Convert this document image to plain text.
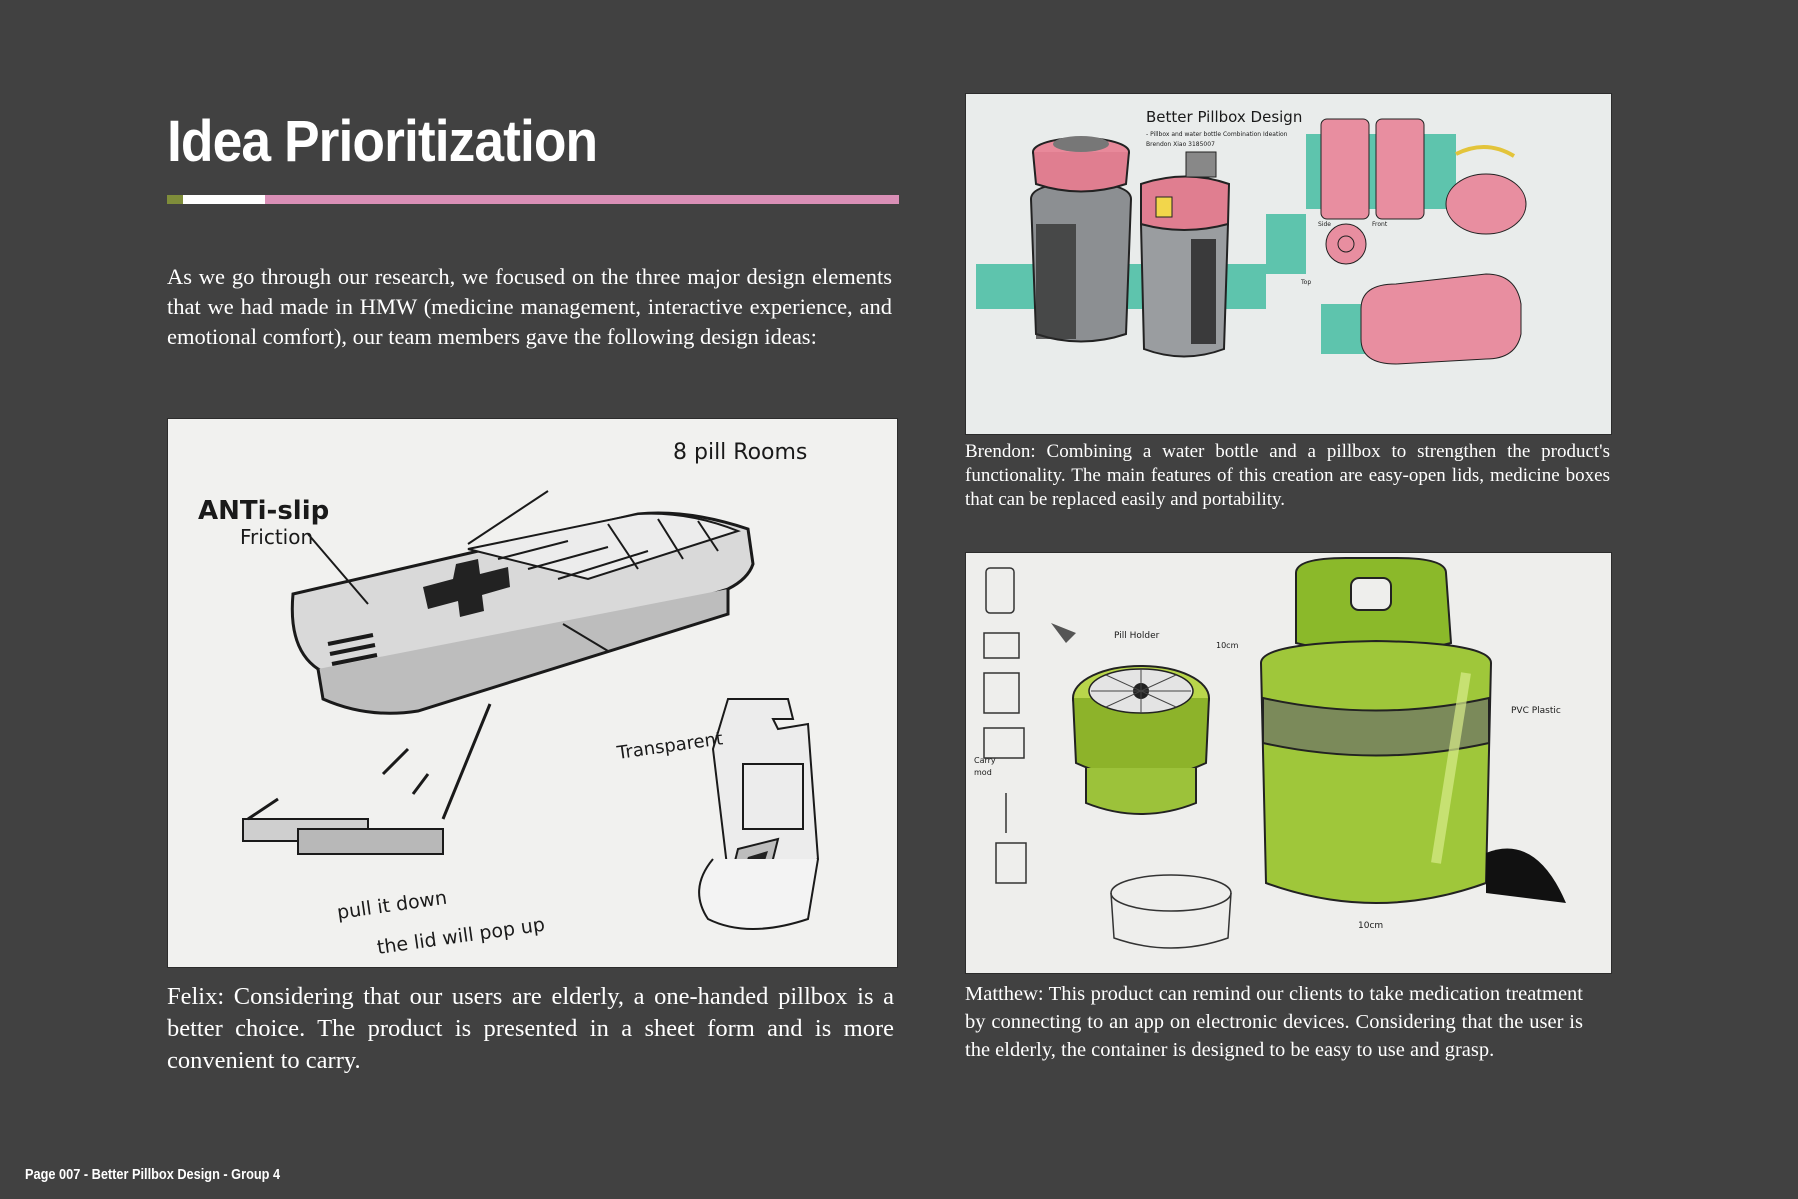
Idea Prioritization

As we go through our research, we focused on the three major design elements that we had made in HMW (medicine management, interactive experience, and emotional comfort), our team members gave the following design ideas:

8 pill Rooms
ANTi-slip
Friction
Transparent
pull it down
the lid will pop up

Felix: Considering that our users are elderly, a one-handed pillbox is a better choice. The product is presented in a sheet form and is more convenient to carry.

Better Pillbox Design
- Pillbox and water bottle Combination Ideation
Brendon Xiao 3185007
Side	Front
Top

Brendon: Combining a water bottle and a pillbox to strengthen the product's functionality. The main features of this creation are easy-open lids, medicine boxes that can be replaced easily and portability.

Pill Holder
PVC Plastic
Carry
mod
10cm
10cm

Matthew: This product can remind our clients to take medication treatment by connecting to an app on electronic devices. Considering that the user is the elderly, the container is designed to be easy to use and grasp.

Page 007 - Better Pillbox Design - Group 4
